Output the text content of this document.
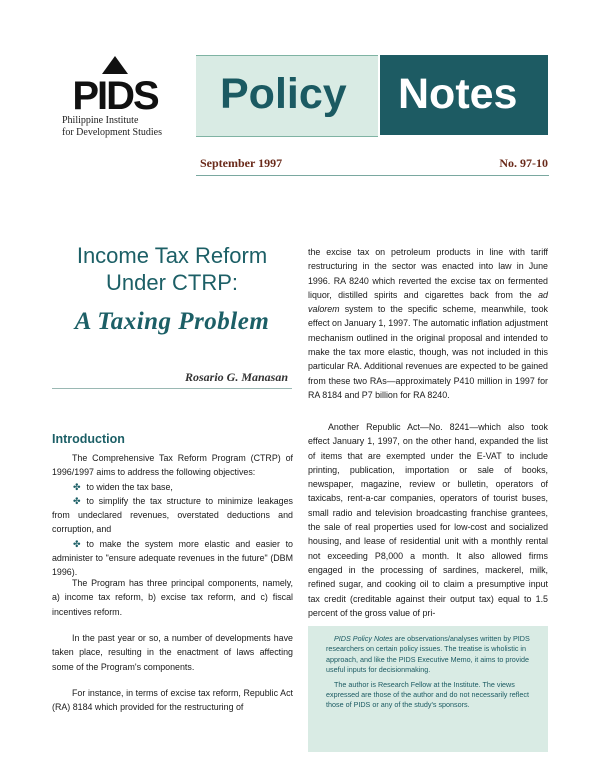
PIDS
Philippine Institute
for Development Studies
Policy Notes
September 1997	No. 97-10
Income Tax Reform
Under CTRP:
A Taxing Problem
Rosario G. Manasan
Introduction

The Comprehensive Tax Reform Program (CTRP) of 1996/1997 aims to address the following objectives:

✤ to widen the tax base,
✤ to simplify the tax structure to minimize leakages from undeclared revenues, overstated deductions and corruption, and
✤ to make the system more elastic and easier to administer to "ensure adequate revenues in the future" (DBM 1996).

The Program has three principal components, namely, a) income tax reform, b) excise tax reform, and c) fiscal incentives reform.

In the past year or so, a number of developments have taken place, resulting in the enactment of laws affecting some of the Program's components.

For instance, in terms of excise tax reform, Republic Act (RA) 8184 which provided for the restructuring of

the excise tax on petroleum products in line with tariff restructuring in the sector was enacted into law in June 1996. RA 8240 which reverted the excise tax on fermented liquor, distilled spirits and cigarettes back from the ad valorem system to the specific scheme, meanwhile, took effect on January 1, 1997. The automatic inflation adjustment mechanism outlined in the original proposal and intended to make the tax more elastic, though, was not included in this particular RA. Additional revenues are expected to be gained from these two RAs—approximately P410 million in 1997 for RA 8184 and P7 billion for RA 8240.

Another Republic Act—No. 8241—which also took effect January 1, 1997, on the other hand, expanded the list of items that are exempted under the E-VAT to include printing, publication, importation or sale of books, newspaper, magazine, review or bulletin, operators of taxicabs, rent-a-car companies, operators of tourist buses, small radio and television broadcasting franchise grantees, the sale of real properties used for low-cost and socialized housing, and lease of residential unit with a monthly rental not exceeding P8,000 a month. It also allowed firms engaged in the processing of sardines, mackerel, milk, refined sugar, and cooking oil to claim a presumptive input tax credit (creditable against their output tax) equal to 1.5 percent of the gross value of pri-

PIDS Policy Notes are observations/analyses written by PIDS researchers on certain policy issues. The treatise is wholistic in approach, and like the PIDS Executive Memo, it aims to provide useful inputs for decisionmaking.

The author is Research Fellow at the Institute. The views expressed are those of the author and do not necessarily reflect those of PIDS or any of the study's sponsors.
